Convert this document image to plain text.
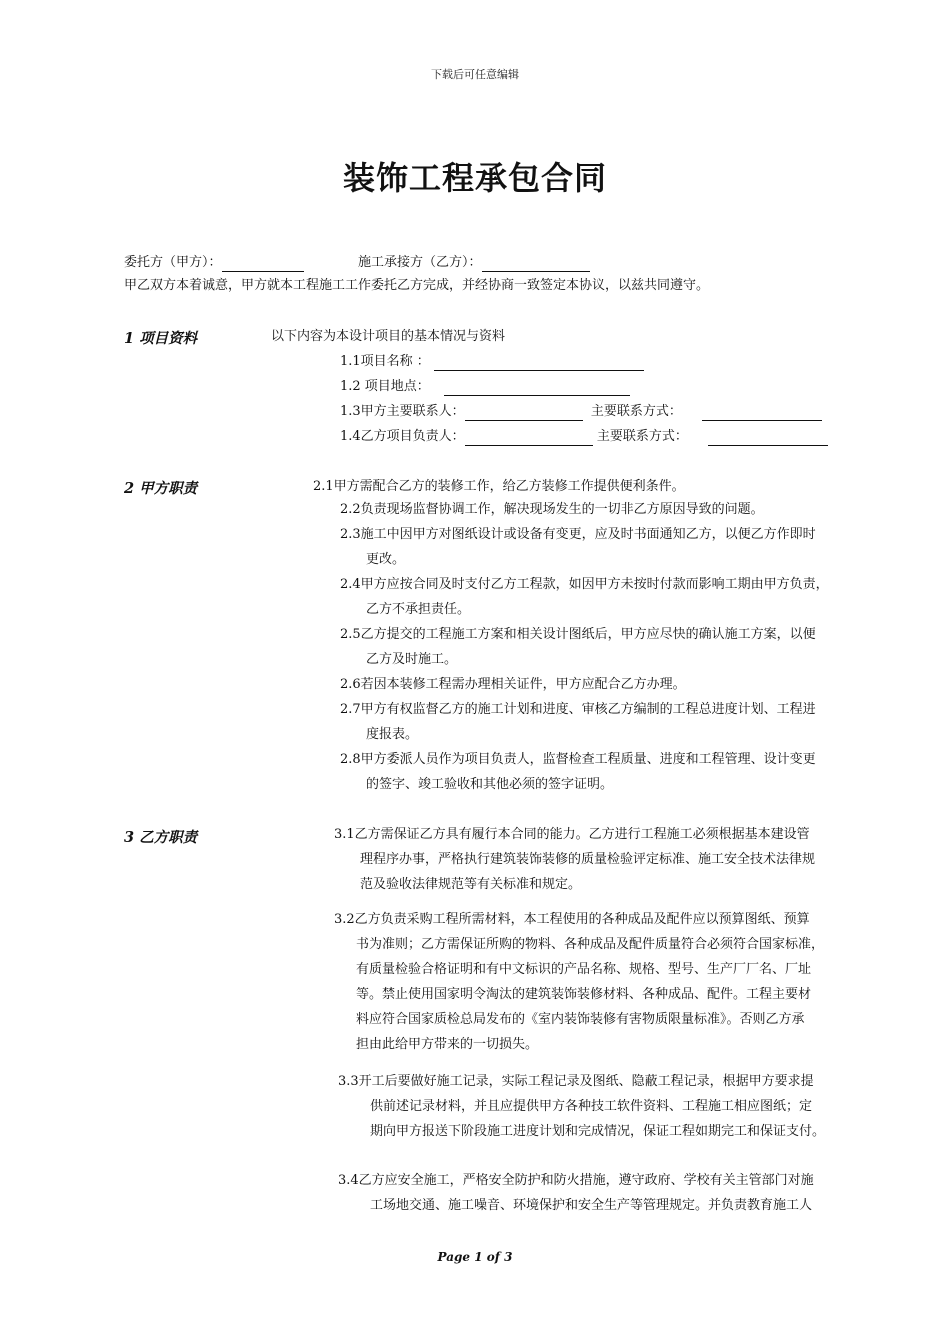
下载后可任意编辑
装饰工程承包合同
委托方（甲方）：	施工承接方（乙方）：
甲乙双方本着诚意，甲方就本工程施工工作委托乙方完成，并经协商一致签定本协议，以兹共同遵守。
1 项目资料	以下内容为本设计项目的基本情况与资料
1.1项目名称 ：
1.2 项目地点：
1.3甲方主要联系人：	主要联系方式：
1.4乙方项目负责人：	主要联系方式：
2 甲方职责	2.1甲方需配合乙方的装修工作，给乙方装修工作提供便利条件。
2.2负责现场监督协调工作，解决现场发生的一切非乙方原因导致的问题。
2.3施工中因甲方对图纸设计或设备有变更，应及时书面通知乙方，以便乙方作即时
更改。
2.4甲方应按合同及时支付乙方工程款，如因甲方未按时付款而影响工期由甲方负责，
乙方不承担责任。
2.5乙方提交的工程施工方案和相关设计图纸后，甲方应尽快的确认施工方案，以便
乙方及时施工。
2.6若因本装修工程需办理相关证件，甲方应配合乙方办理。
2.7甲方有权监督乙方的施工计划和进度、审核乙方编制的工程总进度计划、工程进
度报表。
2.8甲方委派人员作为项目负责人，监督检查工程质量、进度和工程管理、设计变更
的签字、竣工验收和其他必须的签字证明。
3 乙方职责	3.1乙方需保证乙方具有履行本合同的能力。乙方进行工程施工必须根据基本建设管
理程序办事，严格执行建筑装饰装修的质量检验评定标准、施工安全技术法律规
范及验收法律规范等有关标准和规定。
3.2乙方负责采购工程所需材料，本工程使用的各种成品及配件应以预算图纸、预算
书为准则；乙方需保证所购的物料、各种成品及配件质量符合必须符合国家标准，
有质量检验合格证明和有中文标识的产品名称、规格、型号、生产厂厂名、厂址
等。禁止使用国家明令淘汰的建筑装饰装修材料、各种成品、配件。工程主要材
料应符合国家质检总局发布的《室内装饰装修有害物质限量标准》。否则乙方承
担由此给甲方带来的一切损失。
3.3开工后要做好施工记录，实际工程记录及图纸、隐蔽工程记录，根据甲方要求提
供前述记录材料，并且应提供甲方各种技工软件资料、工程施工相应图纸；定
期向甲方报送下阶段施工进度计划和完成情况，保证工程如期完工和保证支付。
3.4乙方应安全施工，严格安全防护和防火措施，遵守政府、学校有关主管部门对施
工场地交通、施工噪音、环境保护和安全生产等管理规定。并负责教育施工人
Page 1 of 3
